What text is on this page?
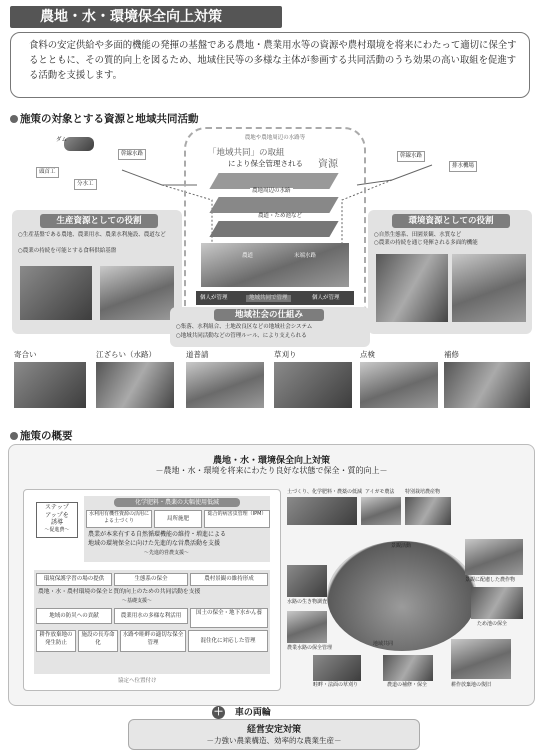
農地・水・環境保全向上対策
食料の安定供給や多面的機能の発揮の基盤である農地・農業用水等の資源や農村環境を将来にわたって適切に保全するとともに、その質的向上を図るため、地域住民等の多様な主体が参画する共同活動のうち効果の高い取組を促進する活動を支援します。
施策の対象とする資源と地域共同活動
ダム
頭首工
分水工
幹線水路	幹線水路
排水機場
農地や農地周辺の水路等
「地域共同」の取組
により保全管理される 資源
農地周辺の水路
農道・ため池など
農道	末端水路
個人が管理	地域共同で管理	個人が管理
生産資源としての役割
○生産基盤である農地、農業用水、農業水利施設、農道など
○農業の持続を可能とする食料供給基盤
環境資源としての役割
○自然生態系、田園景観、水質など
○農業の持続を通じ発揮される多面的機能
地域社会の仕組み
○集落、水利組合、土地改良区などの地域社会システム
○地域共同活動などの管理ルール、により支えられる
寄合い	江ざらい（水路）	道普請	草刈り	点検	補修
施策の概要
農地・水・環境保全向上対策
－農地・水・環境を将来にわたり良好な状態で保全・質的向上－
ステップ
アップを
誘導
～促進費～
化学肥料・農薬の大幅使用低減
水利用有機性資源の活用による土づくり	局所施肥
総合的病害虫管理（IPM）
農業が本来有する自然循環機能の維持・増進による
地域の環境保全に向けた先進的な営農活動を支援
～先進的営農支援～
環境保護学習の場の提供	生態系の保全	農村景観の維持形成
農地・水・農村環境の保全と質的向上のための共同活動を支援
～基礎支援～
地域の防災への貢献	農業用水の多様な利活用	国土の保全・地下水かん養
耕作放棄地の発生防止
施設の長寿命化
水路や畦畔の適切な保全管理	混住化に対応した管理
協定へ位置付け
土づくり、化学肥料・農薬の低減 アイガモ農法 特別栽培農産物
景観活動
地域共同
景観に配慮した農作物
水路の生き物調査
ため池の保全
農業水路の保全管理
畦畔・法面の草刈り	農道の補修・保全	耕作放棄地の復旧
＋ 車の両輪
経営安定対策
－力強い農業構造、効率的な農業生産－
